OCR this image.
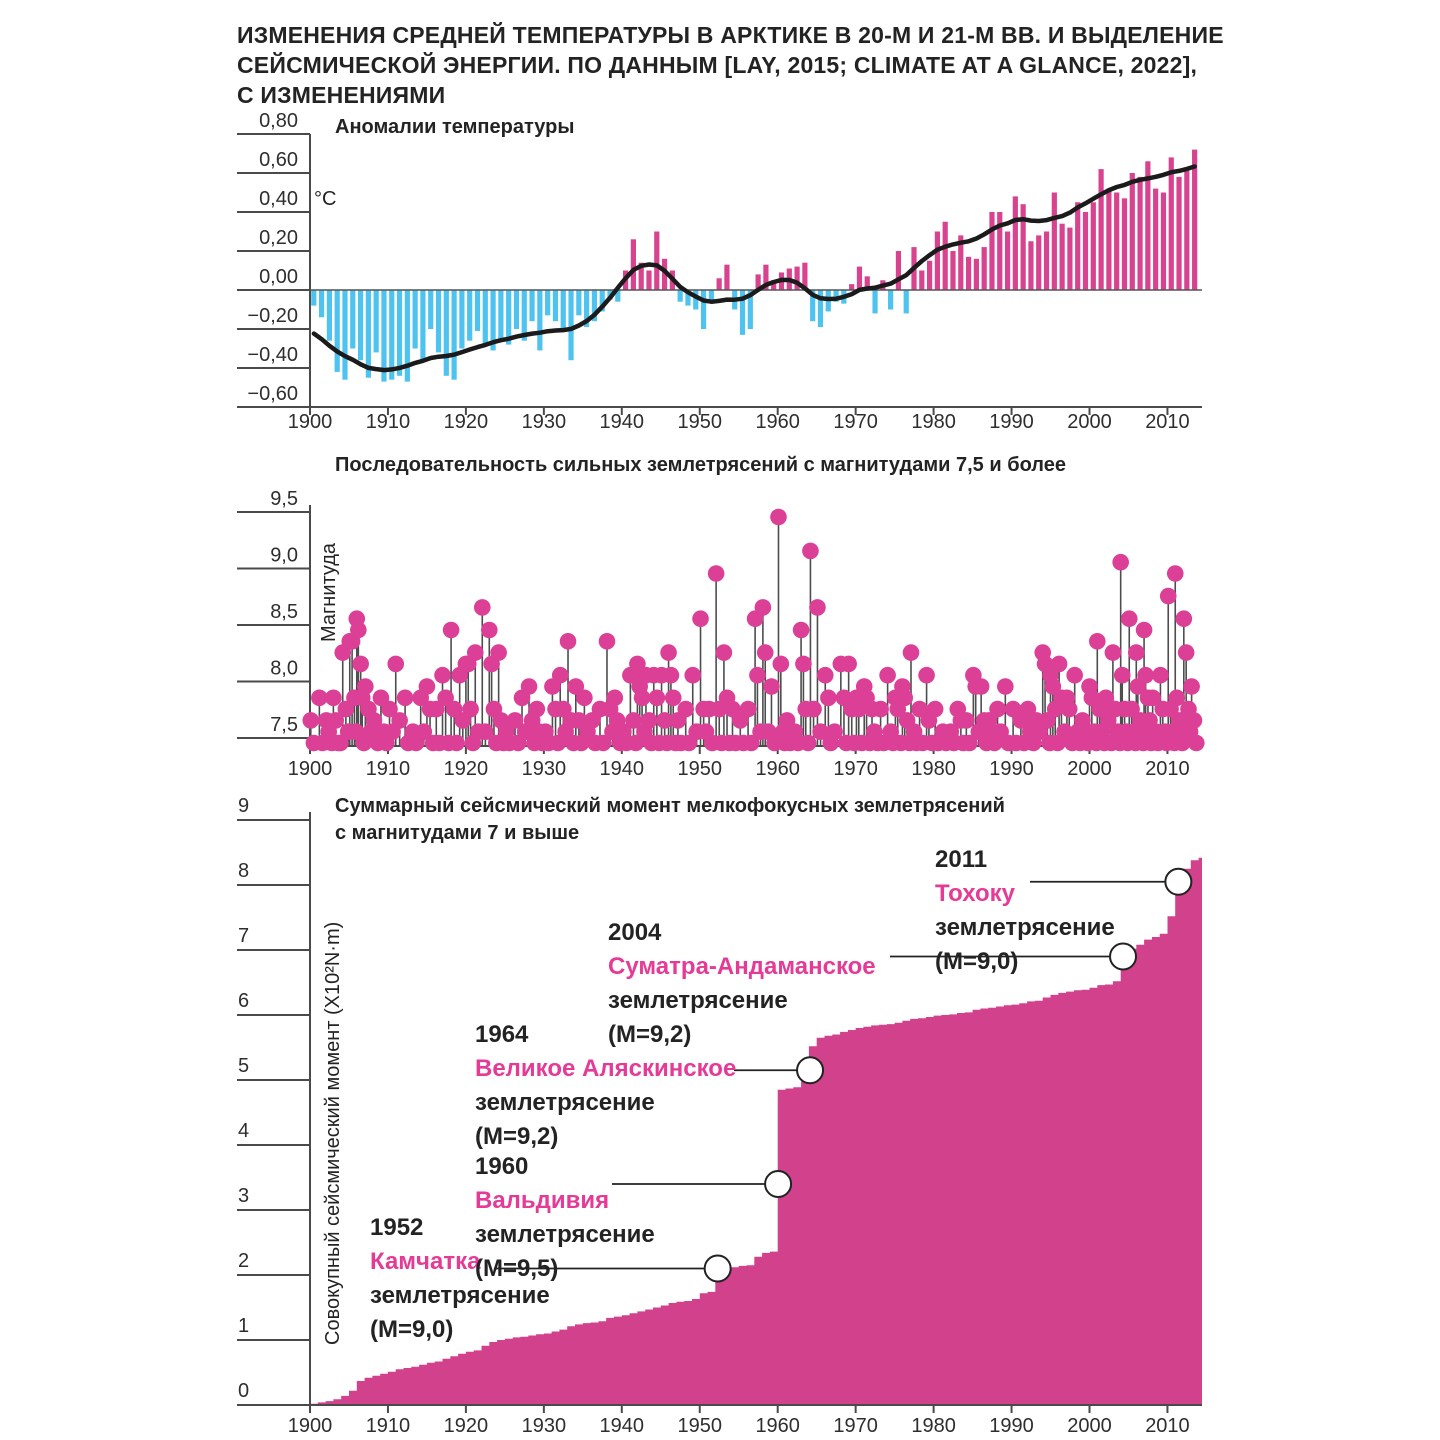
0,80
0,60
0,40
0,20
0,00
−0,20
−0,40
−0,60
1900 1910 1920 1930 1940 1950 1960 1970 1980 1990 2000 2010
9,5
9,0
8,5
8,0
7,5
1900 1910 1920 1930 1940 1950 1960 1970 1980 1990 2000 2010
9
8
7
6
5
4
3
2
1
0
1900 1910 1920 1930 1940 1950 1960 1970 1980 1990 2000 2010
ИЗМЕНЕНИЯ СРЕДНЕЙ ТЕМПЕРАТУРЫ В АРКТИКЕ В 20-М И 21-М ВВ. И ВЫДЕЛЕНИЕ
СЕЙСМИЧЕСКОЙ ЭНЕРГИИ. ПО ДАННЫМ [LAY, 2015; CLIMATE AT A GLANCE, 2022],
С ИЗМЕНЕНИЯМИ
Аномалии температуры
°C
Последовательность сильных землетрясений с магнитудами 7,5 и более
Магнитуда
Суммарный сейсмический момент мелкофокусных землетрясений
с магнитудами 7 и выше
Совокупный сейсмический момент (X10²N·m) 1952
Камчатка
землетрясение
(М=9,0)
1960
Вальдивия
землетрясение
(М=9,5)
1964
Великое Аляскинское
землетрясение
(М=9,2)
2004
Суматра-Андаманское
землетрясение
(М=9,2)
2011
Тохоку
землетрясение
(М=9,0)
